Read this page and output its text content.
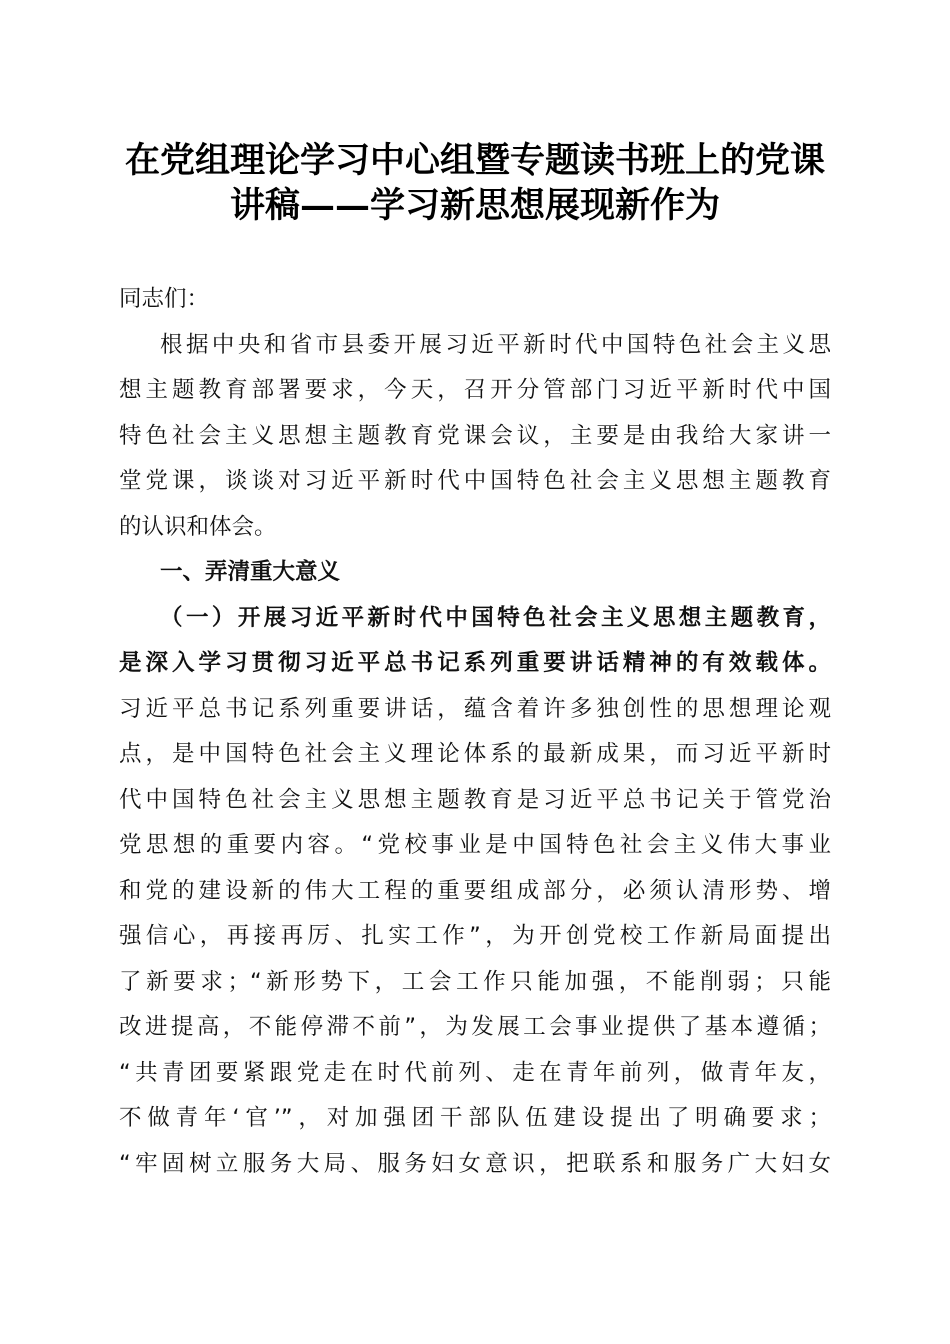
在党组理论学习中心组暨专题读书班上的党课
讲稿——学习新思想展现新作为
同志们：
根据中央和省市县委开展习近平新时代中国特色社会主义思
想主题教育部署要求，今天，召开分管部门习近平新时代中国
特色社会主义思想主题教育党课会议，主要是由我给大家讲一
堂党课，谈谈对习近平新时代中国特色社会主义思想主题教育
的认识和体会。
一、弄清重大意义
（一）开展习近平新时代中国特色社会主义思想主题教育，
是深入学习贯彻习近平总书记系列重要讲话精神的有效载体。
习近平总书记系列重要讲话，蕴含着许多独创性的思想理论观
点，是中国特色社会主义理论体系的最新成果，而习近平新时
代中国特色社会主义思想主题教育是习近平总书记关于管党治
党思想的重要内容。“党校事业是中国特色社会主义伟大事业
和党的建设新的伟大工程的重要组成部分，必须认清形势、增
强信心，再接再厉、扎实工作”，为开创党校工作新局面提出
了新要求；“新形势下，工会工作只能加强，不能削弱；只能
改进提高，不能停滞不前”，为发展工会事业提供了基本遵循；
“共青团要紧跟党走在时代前列、走在青年前列，做青年友，
不做青年‘官’”，对加强团干部队伍建设提出了明确要求；
“牢固树立服务大局、服务妇女意识，把联系和服务广大妇女
